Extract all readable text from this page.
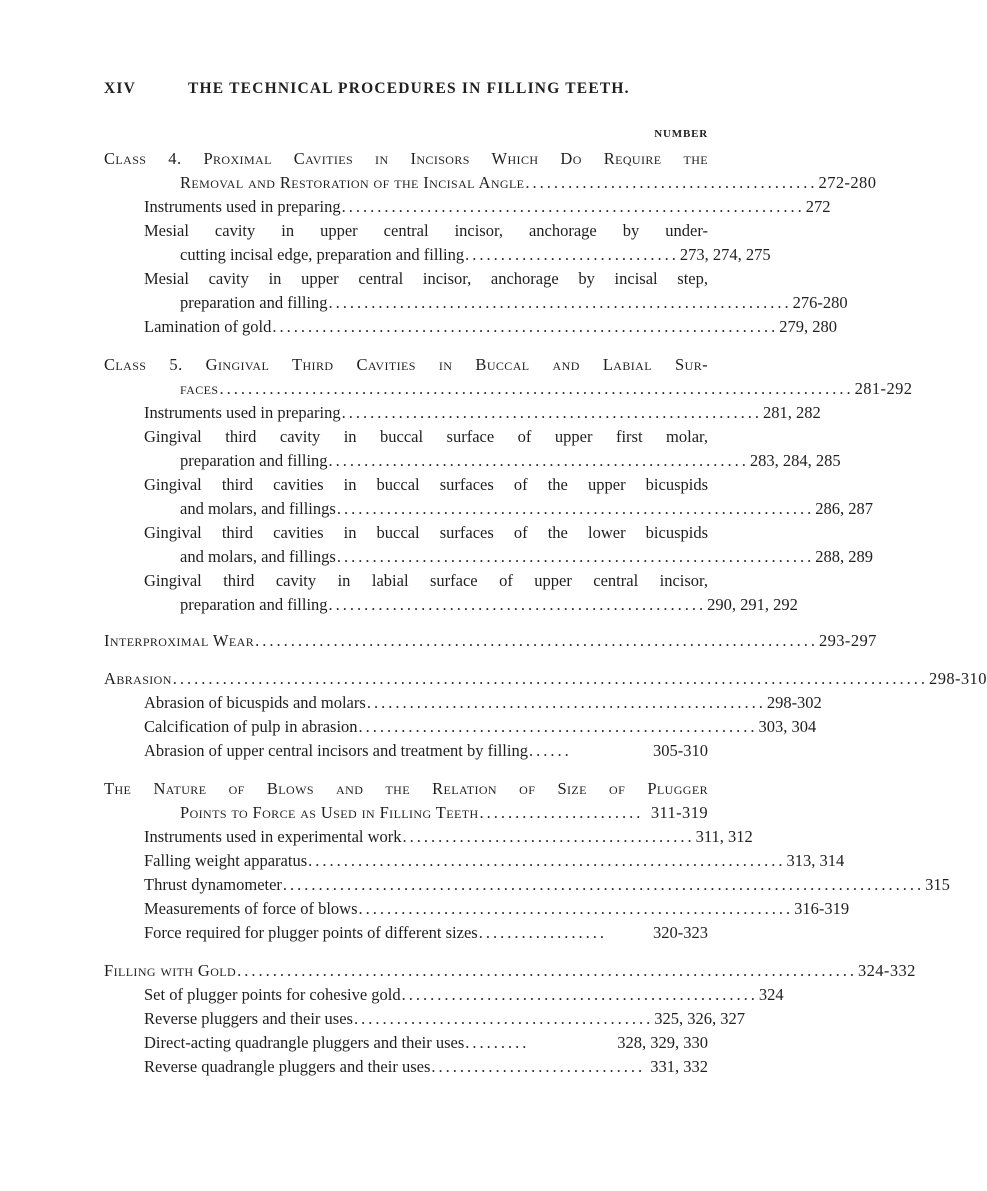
XIV	THE TECHNICAL PROCEDURES IN FILLING TEETH.
NUMBER
Class 4. Proximal Cavities in Incisors Which Do Require the
Removal and Restoration of the Incisal Angle ......................................... 272-280
Instruments used in preparing ................................................................. 272
Mesial cavity in upper central incisor, anchorage by under-
cutting incisal edge, preparation and filling .............................. 273, 274, 275
Mesial cavity in upper central incisor, anchorage by incisal step,
preparation and filling ................................................................. 276-280
Lamination of gold ....................................................................... 279, 280
Class 5. Gingival Third Cavities in Buccal and Labial Sur-
faces ......................................................................................... 281-292
Instruments used in preparing ........................................................... 281, 282
Gingival third cavity in buccal surface of upper first molar,
preparation and filling ........................................................... 283, 284, 285
Gingival third cavities in buccal surfaces of the upper bicuspids
and molars, and fillings ................................................................... 286, 287
Gingival third cavities in buccal surfaces of the lower bicuspids
and molars, and fillings ................................................................... 288, 289
Gingival third cavity in labial surface of upper central incisor,
preparation and filling ..................................................... 290, 291, 292
Interproximal Wear ............................................................................... 293-297
Abrasion .......................................................................................................... 298-310
Abrasion of bicuspids and molars ........................................................ 298-302
Calcification of pulp in abrasion ........................................................ 303, 304
Abrasion of upper central incisors and treatment by filling ......	305-310
The Nature of Blows and the Relation of Size of Plugger
Points to Force as Used in Filling Teeth ....................... 311-319
Instruments used in experimental work ......................................... 311, 312
Falling weight apparatus ................................................................... 313, 314
Thrust dynamometer .......................................................................................... 315
Measurements of force of blows ............................................................. 316-319
Force required for plugger points of different sizes ..................	320-323
Filling with Gold ....................................................................................... 324-332
Set of plugger points for cohesive gold .................................................. 324
Reverse pluggers and their uses .......................................... 325, 326, 327
Direct-acting quadrangle pluggers and their uses .........	328, 329, 330
Reverse quadrangle pluggers and their uses .............................. 331, 332
